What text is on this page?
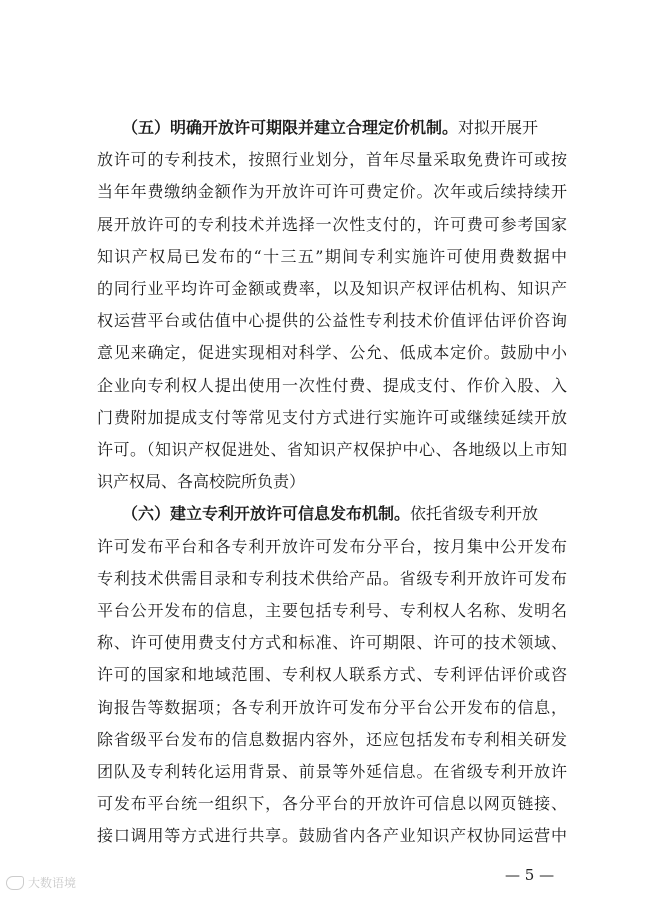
（五）明确开放许可期限并建立合理定价机制。 对拟开展开
放许可的专利技术，按照行业划分，首年尽量采取免费许可或按
当年年费缴纳金额作为开放许可许可费定价。次年或后续持续开
展开放许可的专利技术并选择一次性支付的，许可费可参考国家
知识产权局已发布的“十三五”期间专利实施许可使用费数据中
的同行业平均许可金额或费率，以及知识产权评估机构、知识产
权运营平台或估值中心提供的公益性专利技术价值评估评价咨询
意见来确定，促进实现相对科学、公允、低成本定价。鼓励中小
企业向专利权人提出使用一次性付费、提成支付、作价入股、入
门费附加提成支付等常见支付方式进行实施许可或继续延续开放
许可。（知识产权促进处、省知识产权保护中心、各地级以上市知
识产权局、各高校院所负责）
（六）建立专利开放许可信息发布机制。 依托省级专利开放
许可发布平台和各专利开放许可发布分平台，按月集中公开发布
专利技术供需目录和专利技术供给产品。省级专利开放许可发布
平台公开发布的信息，主要包括专利号、专利权人名称、发明名
称、许可使用费支付方式和标准、许可期限、许可的技术领域、
许可的国家和地域范围、专利权人联系方式、专利评估评价或咨
询报告等数据项；各专利开放许可发布分平台公开发布的信息，
除省级平台发布的信息数据内容外，还应包括发布专利相关研发
团队及专利转化运用背景、前景等外延信息。在省级专利开放许
可发布平台统一组织下，各分平台的开放许可信息以网页链接、
接口调用等方式进行共享。鼓励省内各产业知识产权协同运营中
— 5 —
大数语境
